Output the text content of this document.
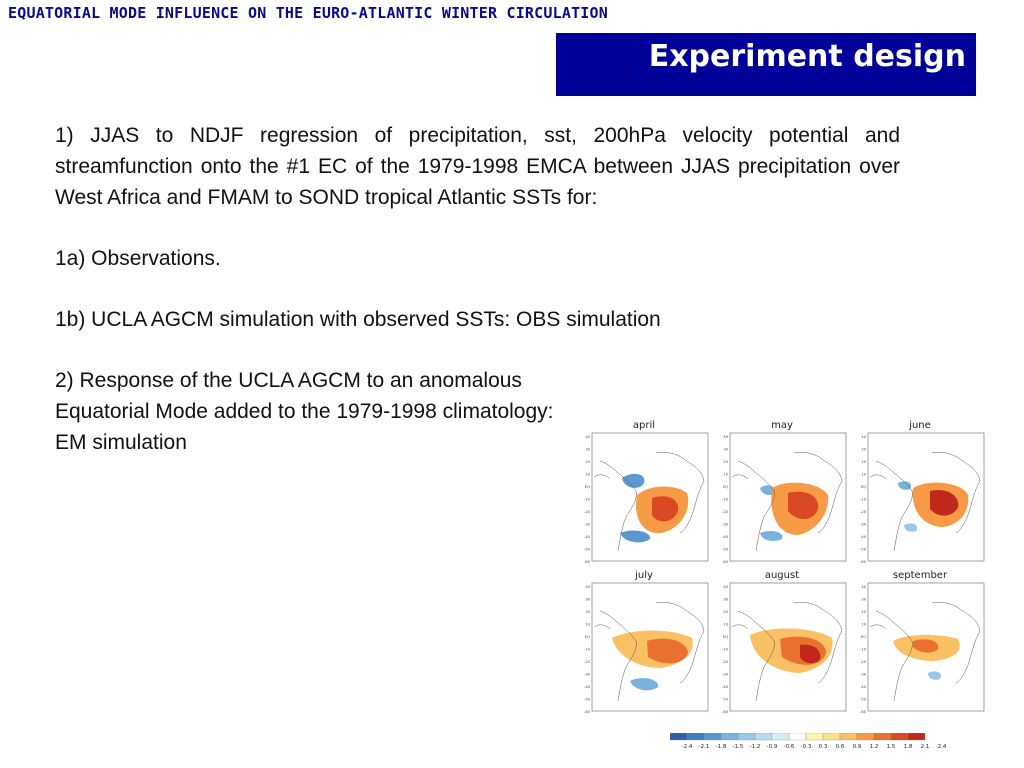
EQUATORIAL MODE INFLUENCE ON THE EURO-ATLANTIC WINTER CIRCULATION
Experiment design

1) JJAS to NDJF regression of precipitation, sst, 200hPa velocity potential and streamfunction onto the #1 EC of the 1979-1998 EMCA between JJAS precipitation over West Africa and FMAM to SOND tropical Atlantic SSTs for:

1a) Observations.

1b) UCLA AGCM simulation with observed SSTs: OBS simulation

2) Response of the UCLA AGCM to an anomalous Equatorial Mode added to the 1979-1998 climatology: EM simulation

april
40
30
20
10
EQ
-10
-20
-30
-40
-50
-60
may
40
30
20
10
EQ
-10
-20
-30
-40
-50
-60
june
40
30
20
10
EQ
-10
-20
-30
-40
-50
-60
july
40
30
20
10
EQ
-10
-20
-30
-40
-50
-60
august
40
30
20
10
EQ
-10
-20
-30
-40
-50
-60
september
40
30
20
10
EQ
-10
-20
-30
-40
-50
-60
-2.4 -2.1 -1.8 -1.5 -1.2 -0.9 -0.6 -0.3 0.3 0.6 0.9 1.2 1.5 1.8 2.1 2.4
